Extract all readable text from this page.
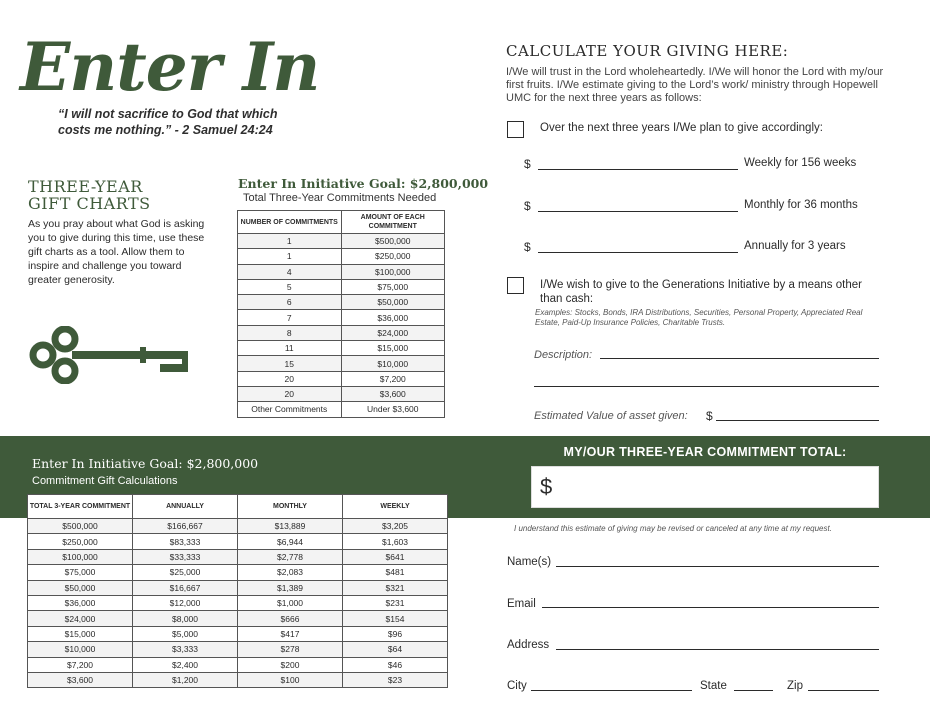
Enter In
“I will not sacrifice to God that which costs me nothing.” - 2 Samuel 24:24
THREE-YEAR
GIFT CHARTS
As you pray about what God is asking you to give during this time, use these gift charts as a tool. Allow them to inspire and challenge you toward greater generosity.
Enter In Initiative Goal: $2,800,000
Total Three-Year Commitments Needed
NUMBER OF COMMITMENTS	AMOUNT OF EACH COMMITMENT
1	$500,000
1	$250,000
4	$100,000
5	$75,000
6	$50,000
7	$36,000
8	$24,000
11	$15,000
15	$10,000
20	$7,200
20	$3,600
Other Commitments	Under $3,600
Enter In Initiative Goal: $2,800,000
Commitment Gift Calculations
MY/OUR THREE-YEAR COMMITMENT TOTAL:
$
TOTAL 3-YEAR COMMITMENT	ANNUALLY	MONTHLY	WEEKLY
$500,000	$166,667	$13,889	$3,205
$250,000	$83,333	$6,944	$1,603
$100,000	$33,333	$2,778	$641
$75,000	$25,000	$2,083	$481
$50,000	$16,667	$1,389	$321
$36,000	$12,000	$1,000	$231
$24,000	$8,000	$666	$154
$15,000	$5,000	$417	$96
$10,000	$3,333	$278	$64
$7,200	$2,400	$200	$46
$3,600	$1,200	$100	$23
CALCULATE YOUR GIVING HERE:
I/We will trust in the Lord wholeheartedly. I/We will honor the Lord with my/our first fruits. I/We estimate giving to the Lord’s work/ ministry through Hopewell UMC for the next three years as follows:
Over the next three years I/We plan to give accordingly:
$	Weekly for 156 weeks
$	Monthly for 36 months
$	Annually for 3 years
I/We wish to give to the Generations Initiative by a means other than cash:
Examples: Stocks, Bonds, IRA Distributions, Securities, Personal Property, Appreciated Real Estate, Paid-Up Insurance Policies, Charitable Trusts.
Description:
Estimated Value of asset given: $
I understand this estimate of giving may be revised or canceled at any time at my request.
Name(s)
Email
Address
City	State	Zip
